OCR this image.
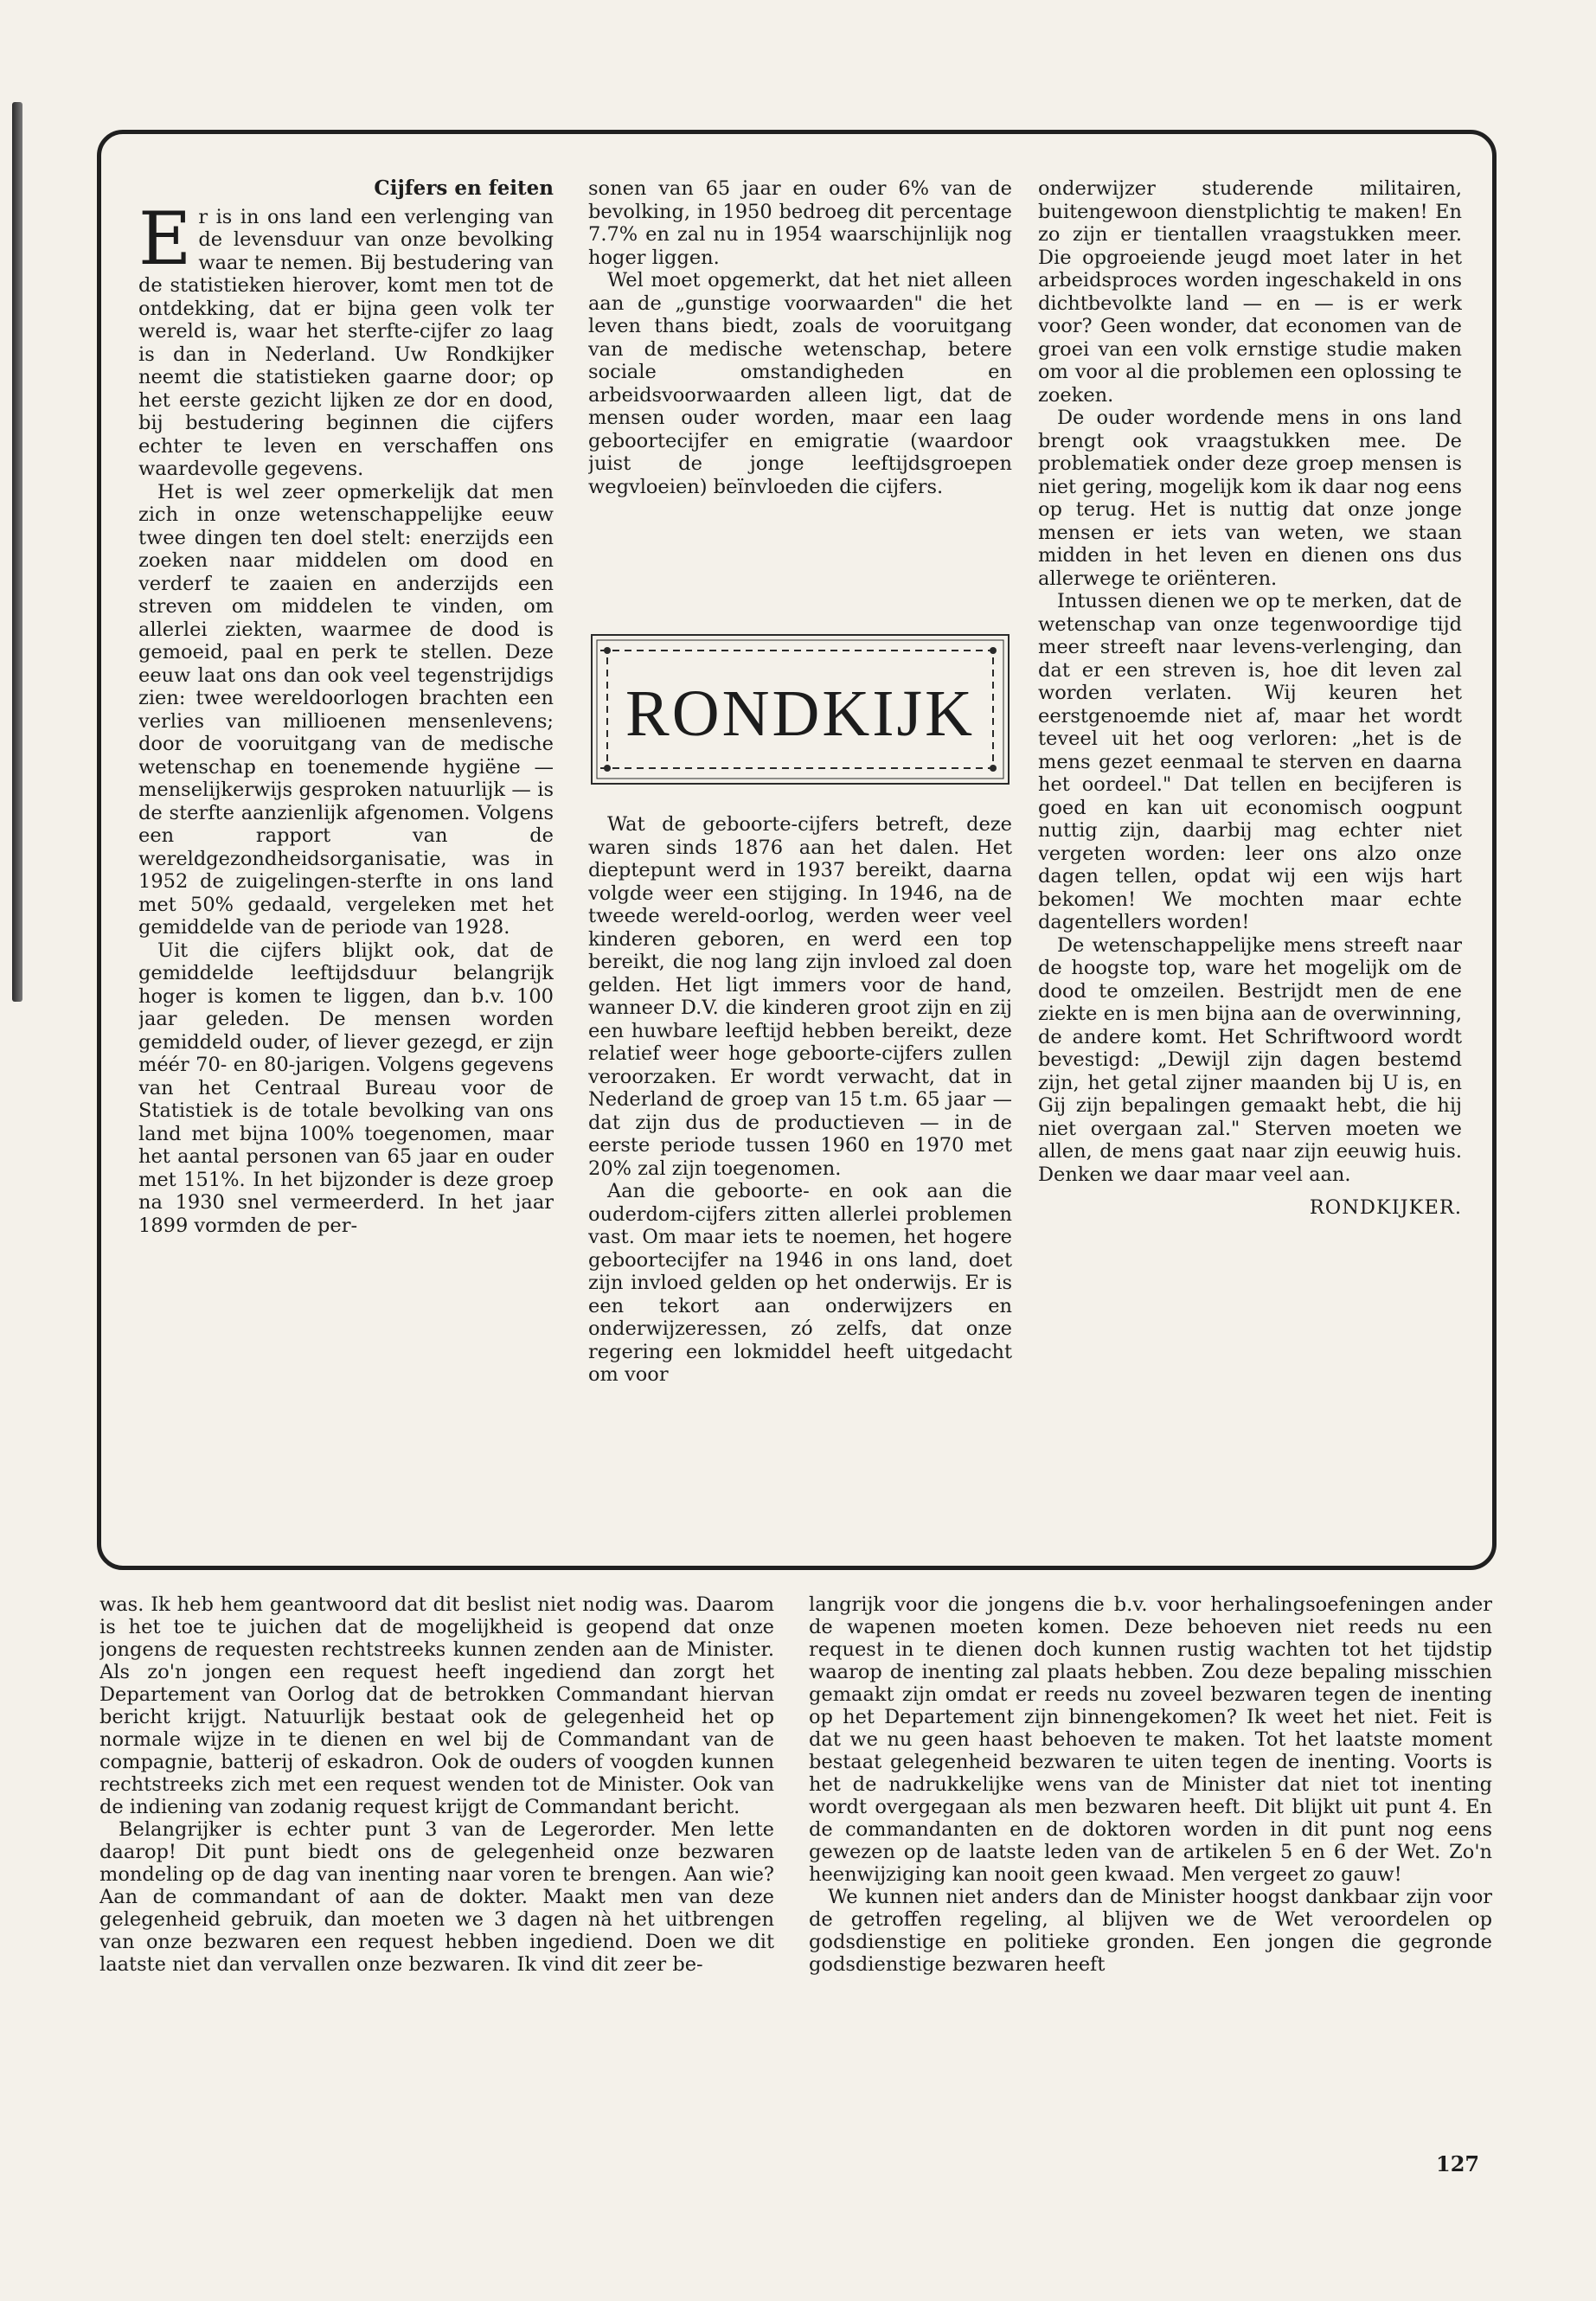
Cijfers en feiten

Er is in ons land een verlenging van de levensduur van onze bevolking waar te nemen. Bij bestudering van de statistieken hierover, komt men tot de ontdekking, dat er bijna geen volk ter wereld is, waar het sterfte-cijfer zo laag is dan in Nederland. Uw Rondkijker neemt die statistieken gaarne door; op het eerste gezicht lijken ze dor en dood, bij bestudering beginnen die cijfers echter te leven en verschaffen ons waardevolle gegevens.

Het is wel zeer opmerkelijk dat men zich in onze wetenschappelijke eeuw twee dingen ten doel stelt: enerzijds een zoeken naar middelen om dood en verderf te zaaien en anderzijds een streven om middelen te vinden, om allerlei ziekten, waarmee de dood is gemoeid, paal en perk te stellen. Deze eeuw laat ons dan ook veel tegenstrijdigs zien: twee wereldoorlogen brachten een verlies van millioenen mensenlevens; door de vooruitgang van de medische wetenschap en toenemende hygiëne — menselijkerwijs gesproken natuurlijk — is de sterfte aanzienlijk afgenomen. Volgens een rapport van de wereldgezondheidsorganisatie, was in 1952 de zuigelingen-sterfte in ons land met 50% gedaald, vergeleken met het gemiddelde van de periode van 1928.

Uit die cijfers blijkt ook, dat de gemiddelde leeftijdsduur belangrijk hoger is komen te liggen, dan b.v. 100 jaar geleden. De mensen worden gemiddeld ouder, of liever gezegd, er zijn méér 70- en 80-jarigen. Volgens gegevens van het Centraal Bureau voor de Statistiek is de totale bevolking van ons land met bijna 100% toegenomen, maar het aantal personen van 65 jaar en ouder met 151%. In het bijzonder is deze groep na 1930 snel vermeerderd. In het jaar 1899 vormden de per-

sonen van 65 jaar en ouder 6% van de bevolking, in 1950 bedroeg dit percentage 7.7% en zal nu in 1954 waarschijnlijk nog hoger liggen.

Wel moet opgemerkt, dat het niet alleen aan de „gunstige voorwaarden" die het leven thans biedt, zoals de vooruitgang van de medische wetenschap, betere sociale omstandigheden en arbeidsvoorwaarden alleen ligt, dat de mensen ouder worden, maar een laag geboortecijfer en emigratie (waardoor juist de jonge leeftijdsgroepen wegvloeien) beïnvloeden die cijfers.

RONDKIJK

Wat de geboorte-cijfers betreft, deze waren sinds 1876 aan het dalen. Het dieptepunt werd in 1937 bereikt, daarna volgde weer een stijging. In 1946, na de tweede wereld-oorlog, werden weer veel kinderen geboren, en werd een top bereikt, die nog lang zijn invloed zal doen gelden. Het ligt immers voor de hand, wanneer D.V. die kinderen groot zijn en zij een huwbare leeftijd hebben bereikt, deze relatief weer hoge geboorte-cijfers zullen veroorzaken. Er wordt verwacht, dat in Nederland de groep van 15 t.m. 65 jaar — dat zijn dus de productieven — in de eerste periode tussen 1960 en 1970 met 20% zal zijn toegenomen.

Aan die geboorte- en ook aan die ouderdom-cijfers zitten allerlei problemen vast. Om maar iets te noemen, het hogere geboortecijfer na 1946 in ons land, doet zijn invloed gelden op het onderwijs. Er is een tekort aan onderwijzers en onderwijzeressen, zó zelfs, dat onze regering een lokmiddel heeft uitgedacht om voor

onderwijzer studerende militairen, buitengewoon dienstplichtig te maken! En zo zijn er tientallen vraagstukken meer. Die opgroeiende jeugd moet later in het arbeidsproces worden ingeschakeld in ons dichtbevolkte land — en — is er werk voor? Geen wonder, dat economen van de groei van een volk ernstige studie maken om voor al die problemen een oplossing te zoeken.

De ouder wordende mens in ons land brengt ook vraagstukken mee. De problematiek onder deze groep mensen is niet gering, mogelijk kom ik daar nog eens op terug. Het is nuttig dat onze jonge mensen er iets van weten, we staan midden in het leven en dienen ons dus allerwege te oriënteren.

Intussen dienen we op te merken, dat de wetenschap van onze tegenwoordige tijd meer streeft naar levens-verlenging, dan dat er een streven is, hoe dit leven zal worden verlaten. Wij keuren het eerstgenoemde niet af, maar het wordt teveel uit het oog verloren: „het is de mens gezet eenmaal te sterven en daarna het oordeel." Dat tellen en becijferen is goed en kan uit economisch oogpunt nuttig zijn, daarbij mag echter niet vergeten worden: leer ons alzo onze dagen tellen, opdat wij een wijs hart bekomen! We mochten maar echte dagentellers worden!

De wetenschappelijke mens streeft naar de hoogste top, ware het mogelijk om de dood te omzeilen. Bestrijdt men de ene ziekte en is men bijna aan de overwinning, de andere komt. Het Schriftwoord wordt bevestigd: „Dewijl zijn dagen bestemd zijn, het getal zijner maanden bij U is, en Gij zijn bepalingen gemaakt hebt, die hij niet overgaan zal." Sterven moeten we allen, de mens gaat naar zijn eeuwig huis. Denken we daar maar veel aan.

RONDKIJKER.

was. Ik heb hem geantwoord dat dit beslist niet nodig was. Daarom is het toe te juichen dat de mogelijkheid is geopend dat onze jongens de requesten rechtstreeks kunnen zenden aan de Minister. Als zo'n jongen een request heeft ingediend dan zorgt het Departement van Oorlog dat de betrokken Commandant hiervan bericht krijgt. Natuurlijk bestaat ook de gelegenheid het op normale wijze in te dienen en wel bij de Commandant van de compagnie, batterij of eskadron. Ook de ouders of voogden kunnen rechtstreeks zich met een request wenden tot de Minister. Ook van de indiening van zodanig request krijgt de Commandant bericht.

Belangrijker is echter punt 3 van de Legerorder. Men lette daarop! Dit punt biedt ons de gelegenheid onze bezwaren mondeling op de dag van inenting naar voren te brengen. Aan wie? Aan de commandant of aan de dokter. Maakt men van deze gelegenheid gebruik, dan moeten we 3 dagen nà het uitbrengen van onze bezwaren een request hebben ingediend. Doen we dit laatste niet dan vervallen onze bezwaren. Ik vind dit zeer be-

langrijk voor die jongens die b.v. voor herhalingsoefeningen ander de wapenen moeten komen. Deze behoeven niet reeds nu een request in te dienen doch kunnen rustig wachten tot het tijdstip waarop de inenting zal plaats hebben. Zou deze bepaling misschien gemaakt zijn omdat er reeds nu zoveel bezwaren tegen de inenting op het Departement zijn binnengekomen? Ik weet het niet. Feit is dat we nu geen haast behoeven te maken. Tot het laatste moment bestaat gelegenheid bezwaren te uiten tegen de inenting. Voorts is het de nadrukkelijke wens van de Minister dat niet tot inenting wordt overgegaan als men bezwaren heeft. Dit blijkt uit punt 4. En de commandanten en de doktoren worden in dit punt nog eens gewezen op de laatste leden van de artikelen 5 en 6 der Wet. Zo'n heenwijziging kan nooit geen kwaad. Men vergeet zo gauw!

We kunnen niet anders dan de Minister hoogst dankbaar zijn voor de getroffen regeling, al blijven we de Wet veroordelen op godsdienstige en politieke gronden. Een jongen die gegronde godsdienstige bezwaren heeft

127
